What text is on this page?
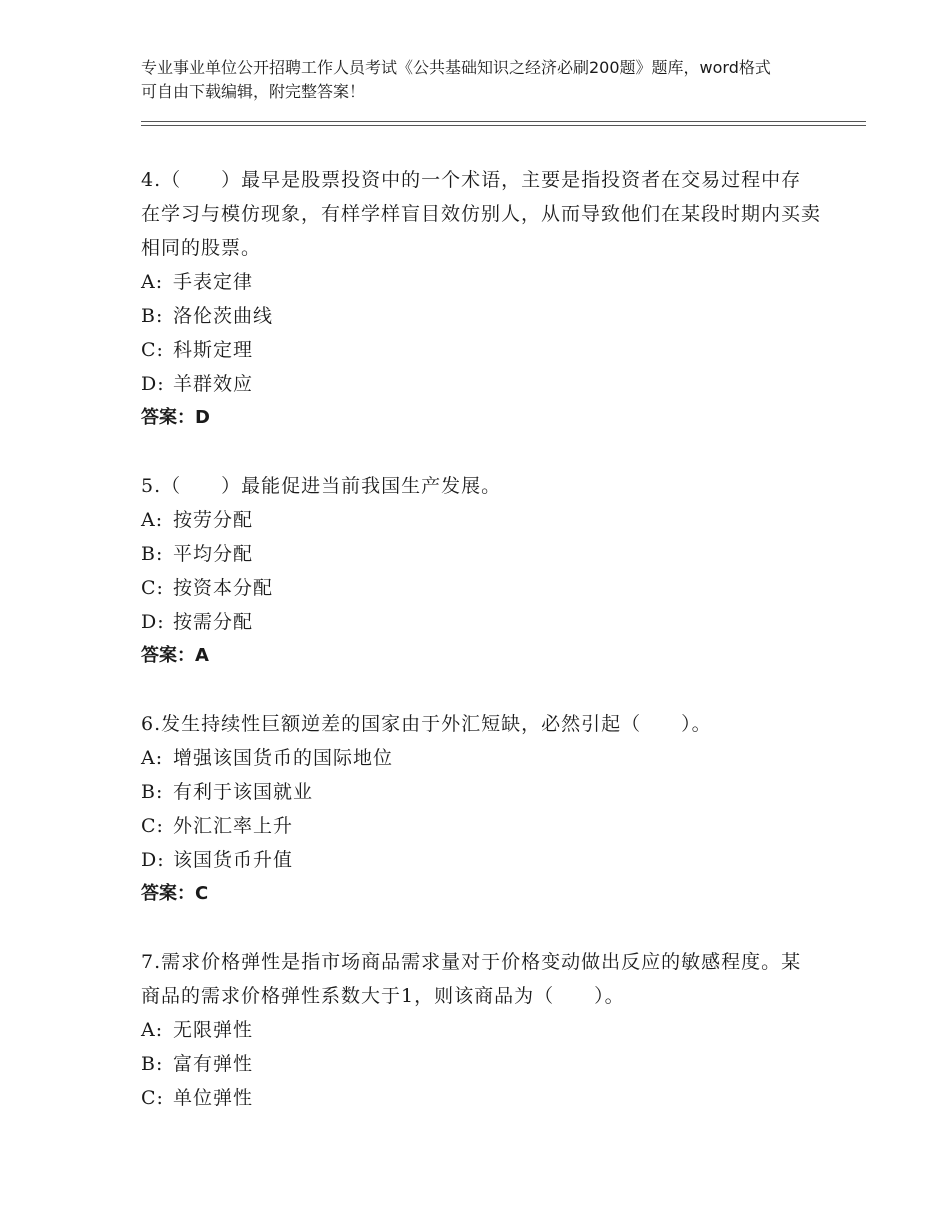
专业事业单位公开招聘工作人员考试《公共基础知识之经济必刷200题》题库，word格式可自由下载编辑，附完整答案！

4.（　　）最早是股票投资中的一个术语，主要是指投资者在交易过程中存在学习与模仿现象，有样学样盲目效仿别人，从而导致他们在某段时期内买卖相同的股票。

A: 手表定律

B: 洛伦茨曲线

C: 科斯定理

D: 羊群效应

答案：D

5.（　　）最能促进当前我国生产发展。

A: 按劳分配

B: 平均分配

C: 按资本分配

D: 按需分配

答案：A

6.发生持续性巨额逆差的国家由于外汇短缺，必然引起（　　）。

A: 增强该国货币的国际地位

B: 有利于该国就业

C: 外汇汇率上升

D: 该国货币升值

答案：C

7.需求价格弹性是指市场商品需求量对于价格变动做出反应的敏感程度。某商品的需求价格弹性系数大于1，则该商品为（　　）。

A: 无限弹性

B: 富有弹性

C: 单位弹性
